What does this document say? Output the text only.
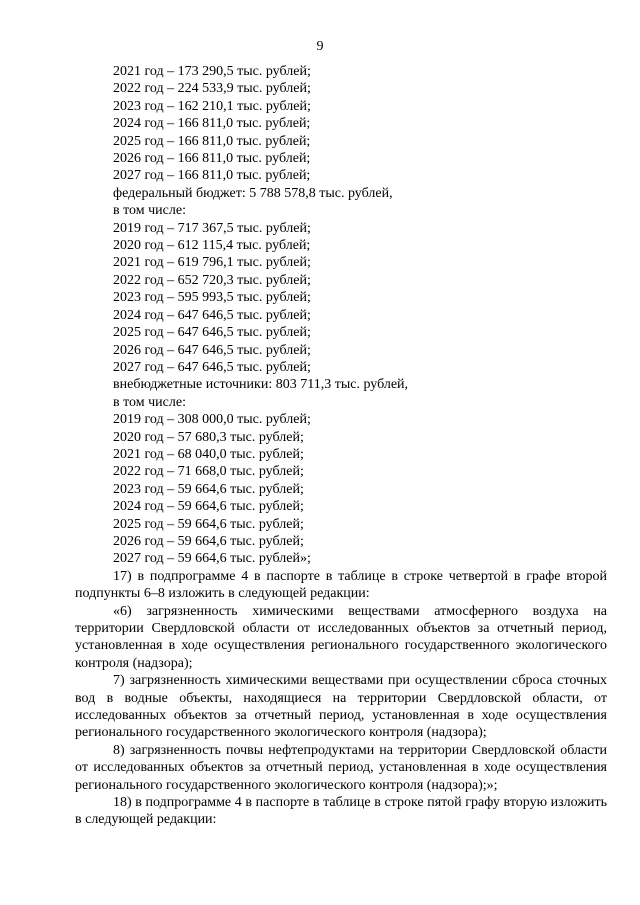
9
2021 год – 173 290,5 тыс. рублей;
2022 год – 224 533,9 тыс. рублей;
2023 год – 162 210,1 тыс. рублей;
2024 год – 166 811,0 тыс. рублей;
2025 год – 166 811,0 тыс. рублей;
2026 год – 166 811,0 тыс. рублей;
2027 год – 166 811,0 тыс. рублей;
федеральный бюджет: 5 788 578,8 тыс. рублей,
в том числе:
2019 год – 717 367,5 тыс. рублей;
2020 год – 612 115,4 тыс. рублей;
2021 год – 619 796,1 тыс. рублей;
2022 год – 652 720,3 тыс. рублей;
2023 год – 595 993,5 тыс. рублей;
2024 год – 647 646,5 тыс. рублей;
2025 год – 647 646,5 тыс. рублей;
2026 год – 647 646,5 тыс. рублей;
2027 год – 647 646,5 тыс. рублей;
внебюджетные источники: 803 711,3 тыс. рублей,
в том числе:
2019 год – 308 000,0 тыс. рублей;
2020 год – 57 680,3 тыс. рублей;
2021 год – 68 040,0 тыс. рублей;
2022 год – 71 668,0 тыс. рублей;
2023 год – 59 664,6 тыс. рублей;
2024 год – 59 664,6 тыс. рублей;
2025 год – 59 664,6 тыс. рублей;
2026 год – 59 664,6 тыс. рублей;
2027 год – 59 664,6 тыс. рублей»;
17) в подпрограмме 4 в паспорте в таблице в строке четвертой в графе второй подпункты 6–8 изложить в следующей редакции:
«6) загрязненность химическими веществами атмосферного воздуха на территории Свердловской области от исследованных объектов за отчетный период, установленная в ходе осуществления регионального государственного экологического контроля (надзора);
7) загрязненность химическими веществами при осуществлении сброса сточных вод в водные объекты, находящиеся на территории Свердловской области, от исследованных объектов за отчетный период, установленная в ходе осуществления регионального государственного экологического контроля (надзора);
8) загрязненность почвы нефтепродуктами на территории Свердловской области от исследованных объектов за отчетный период, установленная в ходе осуществления регионального государственного экологического контроля (надзора);»;
18) в подпрограмме 4 в паспорте в таблице в строке пятой графу вторую изложить в следующей редакции:
